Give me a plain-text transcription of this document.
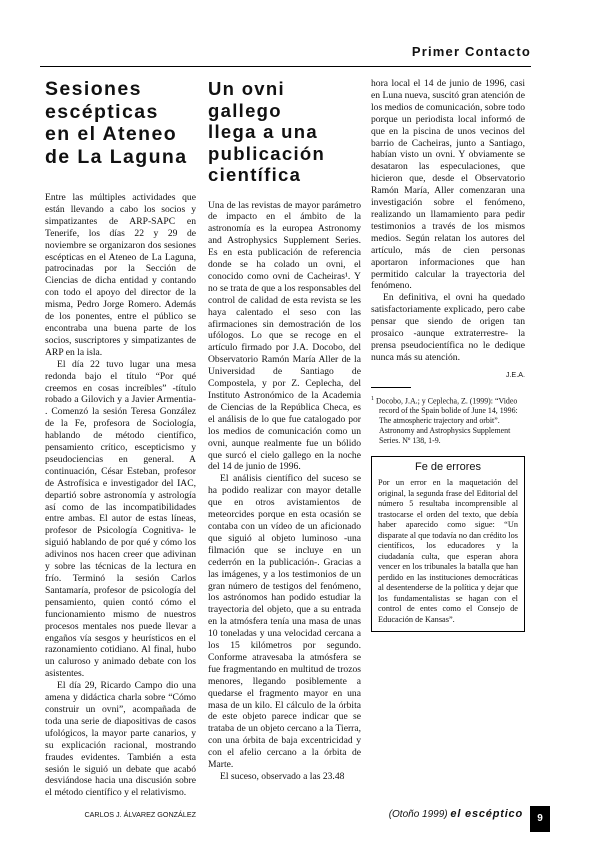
Primer Contacto
Sesiones
escépticas
en el Ateneo
de La Laguna

Entre las múltiples actividades que están llevando a cabo los socios y simpatizantes de ARP-SAPC en Tenerife, los días 22 y 29 de noviembre se organizaron dos sesiones escépticas en el Ateneo de La Laguna, patrocinadas por la Sección de Ciencias de dicha entidad y contando con todo el apoyo del director de la misma, Pedro Jorge Romero. Además de los ponentes, entre el público se encontraba una buena parte de los socios, suscriptores y simpatizantes de ARP en la isla.

El día 22 tuvo lugar una mesa redonda bajo el título “Por qué creemos en cosas increíbles” -título robado a Gilovich y a Javier Armentia- . Comenzó la sesión Teresa González de la Fe, profesora de Sociología, hablando de método científico, pensamiento crítico, escepticismo y pseudociencias en general. A continuación, César Esteban, profesor de Astrofísica e investigador del IAC, departió sobre astronomía y astrología así como de las incompatibilidades entre ambas. El autor de estas líneas, profesor de Psicología Cognitiva- le siguió hablando de por qué y cómo los adivinos nos hacen creer que adivinan y sobre las técnicas de la lectura en frío. Terminó la sesión Carlos Santamaría, profesor de psicología del pensamiento, quien contó cómo el funcionamiento mismo de nuestros procesos mentales nos puede llevar a engaños vía sesgos y heurísticos en el razonamiento cotidiano. Al final, hubo un caluroso y animado debate con los asistentes.

El día 29, Ricardo Campo dio una amena y didáctica charla sobre “Cómo construir un ovni”, acompañada de toda una serie de diapositivas de casos ufológicos, la mayor parte canarios, y su explicación racional, mostrando fraudes evidentes. También a esta sesión le siguió un debate que acabó desviándose hacia una discusión sobre el método científico y el relativismo.

CARLOS J. ÁLVAREZ GONZÁLEZ
Un ovni gallego
llega a una
publicación
científica

Una de las revistas de mayor parámetro de impacto en el ámbito de la astronomía es la europea Astronomy and Astrophysics Supplement Series. Es en esta publicación de referencia donde se ha colado un ovni, el conocido como ovni de Cacheiras¹. Y no se trata de que a los responsables del control de calidad de esta revista se les haya calentado el seso con las afirmaciones sin demostración de los ufólogos. Lo que se recoge en el artículo firmado por J.A. Docobo, del Observatorio Ramón María Aller de la Universidad de Santiago de Compostela, y por Z. Ceplecha, del Instituto Astronómico de la Academia de Ciencias de la República Checa, es el análisis de lo que fue catalogado por los medios de comunicación como un ovni, aunque realmente fue un bólido que surcó el cielo gallego en la noche del 14 de junio de 1996.

El análisis científico del suceso se ha podido realizar con mayor detalle que en otros avistamientos de meteorcides porque en esta ocasión se contaba con un vídeo de un aficionado que siguió al objeto luminoso -una filmación que se incluye en un cederrón en la publicación-. Gracias a las imágenes, y a los testimonios de un gran número de testigos del fenómeno, los astrónomos han podido estudiar la trayectoria del objeto, que a su entrada en la atmósfera tenía una masa de unas 10 toneladas y una velocidad cercana a los 15 kilómetros por segundo. Conforme atravesaba la atmósfera se fue fragmentando en multitud de trozos menores, llegando posiblemente a quedarse el fragmento mayor en una masa de un kilo. El cálculo de la órbita de este objeto parece indicar que se trataba de un objeto cercano a la Tierra, con una órbita de baja excentricidad y con el afelio cercano a la órbita de Marte.

El suceso, observado a las 23.48

hora local el 14 de junio de 1996, casi en Luna nueva, suscitó gran atención de los medios de comunicación, sobre todo porque un periodista local informó de que en la piscina de unos vecinos del barrio de Cacheiras, junto a Santiago, habían visto un ovni. Y obviamente se desataron las especulaciones, que hicieron que, desde el Observatorio Ramón María, Aller comenzaran una investigación sobre el fenómeno, realizando un llamamiento para pedir testimonios a través de los mismos medios. Según relatan los autores del artículo, más de cien personas aportaron informaciones que han permitido calcular la trayectoria del fenómeno.

En definitiva, el ovni ha quedado satisfactoriamente explicado, pero cabe pensar que siendo de origen tan prosaico -aunque extraterrestre- la prensa pseudocientífica no le dedique nunca más su atención.

J.E.A.
$^1$ Docobo, J.A.; y Ceplecha, Z. (1999): “Video record of the Spain bolide of June 14, 1996: The atmospheric trajectory and orbit”. Astronomy and Astrophysics Supplement Series. Nº 138, 1-9.
Fe de errores
Por un error en la maquetación del original, la segunda frase del Editorial del número 5 resultaba incomprensible al trastocarse el orden del texto, que debía haber aparecido como sigue: “Un disparate al que todavía no dan crédito los científicos, los educadores y la ciudadanía culta, que esperan ahora vencer en los tribunales la batalla que han perdido en las instituciones democráticas al desentenderse de la política y dejar que los fundamentalistas se hagan con el control de entes como el Consejo de Educación de Kansas”.
(Otoño 1999) el escéptico	9
